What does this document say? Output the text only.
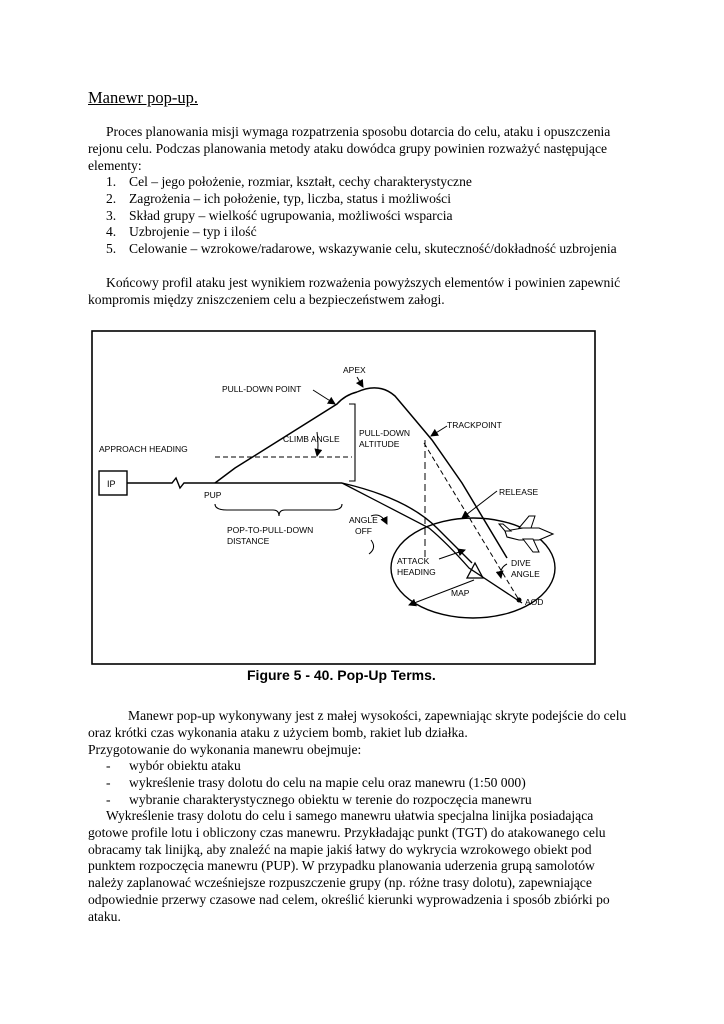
Manewr pop-up.

Proces planowania misji wymaga rozpatrzenia sposobu dotarcia do celu, ataku i opuszczenia rejonu celu. Podczas planowania metody ataku dowódca grupy powinien rozważyć następujące elementy:

1. Cel – jego położenie, rozmiar, kształt, cechy charakterystyczne
2. Zagrożenia – ich położenie, typ, liczba, status i możliwości
3. Skład grupy – wielkość ugrupowania, możliwości wsparcia
4. Uzbrojenie – typ i ilość
5. Celowanie – wzrokowe/radarowe, wskazywanie celu, skuteczność/dokładność uzbrojenia

Końcowy profil ataku jest wynikiem rozważenia powyższych elementów i powinien zapewnić kompromis między zniszczeniem celu a bezpieczeństwem załogi.

IP
APPROACH HEADING
MAP
AOD
RELEASE
APEX
PULL-DOWN POINT
CLIMB ANGLE
PULL-DOWN
ALTITUDE
TRACKPOINT
PUP
POP-TO-PULL-DOWN
DISTANCE
ANGLE
OFF
ATTACK
HEADING
DIVE
ANGLE
Figure 5 - 40. Pop-Up Terms.

Manewr pop-up wykonywany jest z małej wysokości, zapewniając skryte podejście do celu oraz krótki czas wykonania ataku z użyciem bomb, rakiet lub działka.
Przygotowanie do wykonania manewru obejmuje:

- wybór obiektu ataku
- wykreślenie trasy dolotu do celu na mapie celu oraz manewru (1:50 000)
- wybranie charakterystycznego obiektu w terenie do rozpoczęcia manewru

Wykreślenie trasy dolotu do celu i samego manewru ułatwia specjalna linijka posiadająca gotowe profile lotu i obliczony czas manewru. Przykładając punkt (TGT) do atakowanego celu obracamy tak linijką, aby znaleźć na mapie jakiś łatwy do wykrycia wzrokowego obiekt pod punktem rozpoczęcia manewru (PUP). W przypadku planowania uderzenia grupą samolotów należy zaplanować wcześniejsze rozpuszczenie grupy (np. różne trasy dolotu), zapewniające odpowiednie przerwy czasowe nad celem, określić kierunki wyprowadzenia i sposób zbiórki po ataku.
